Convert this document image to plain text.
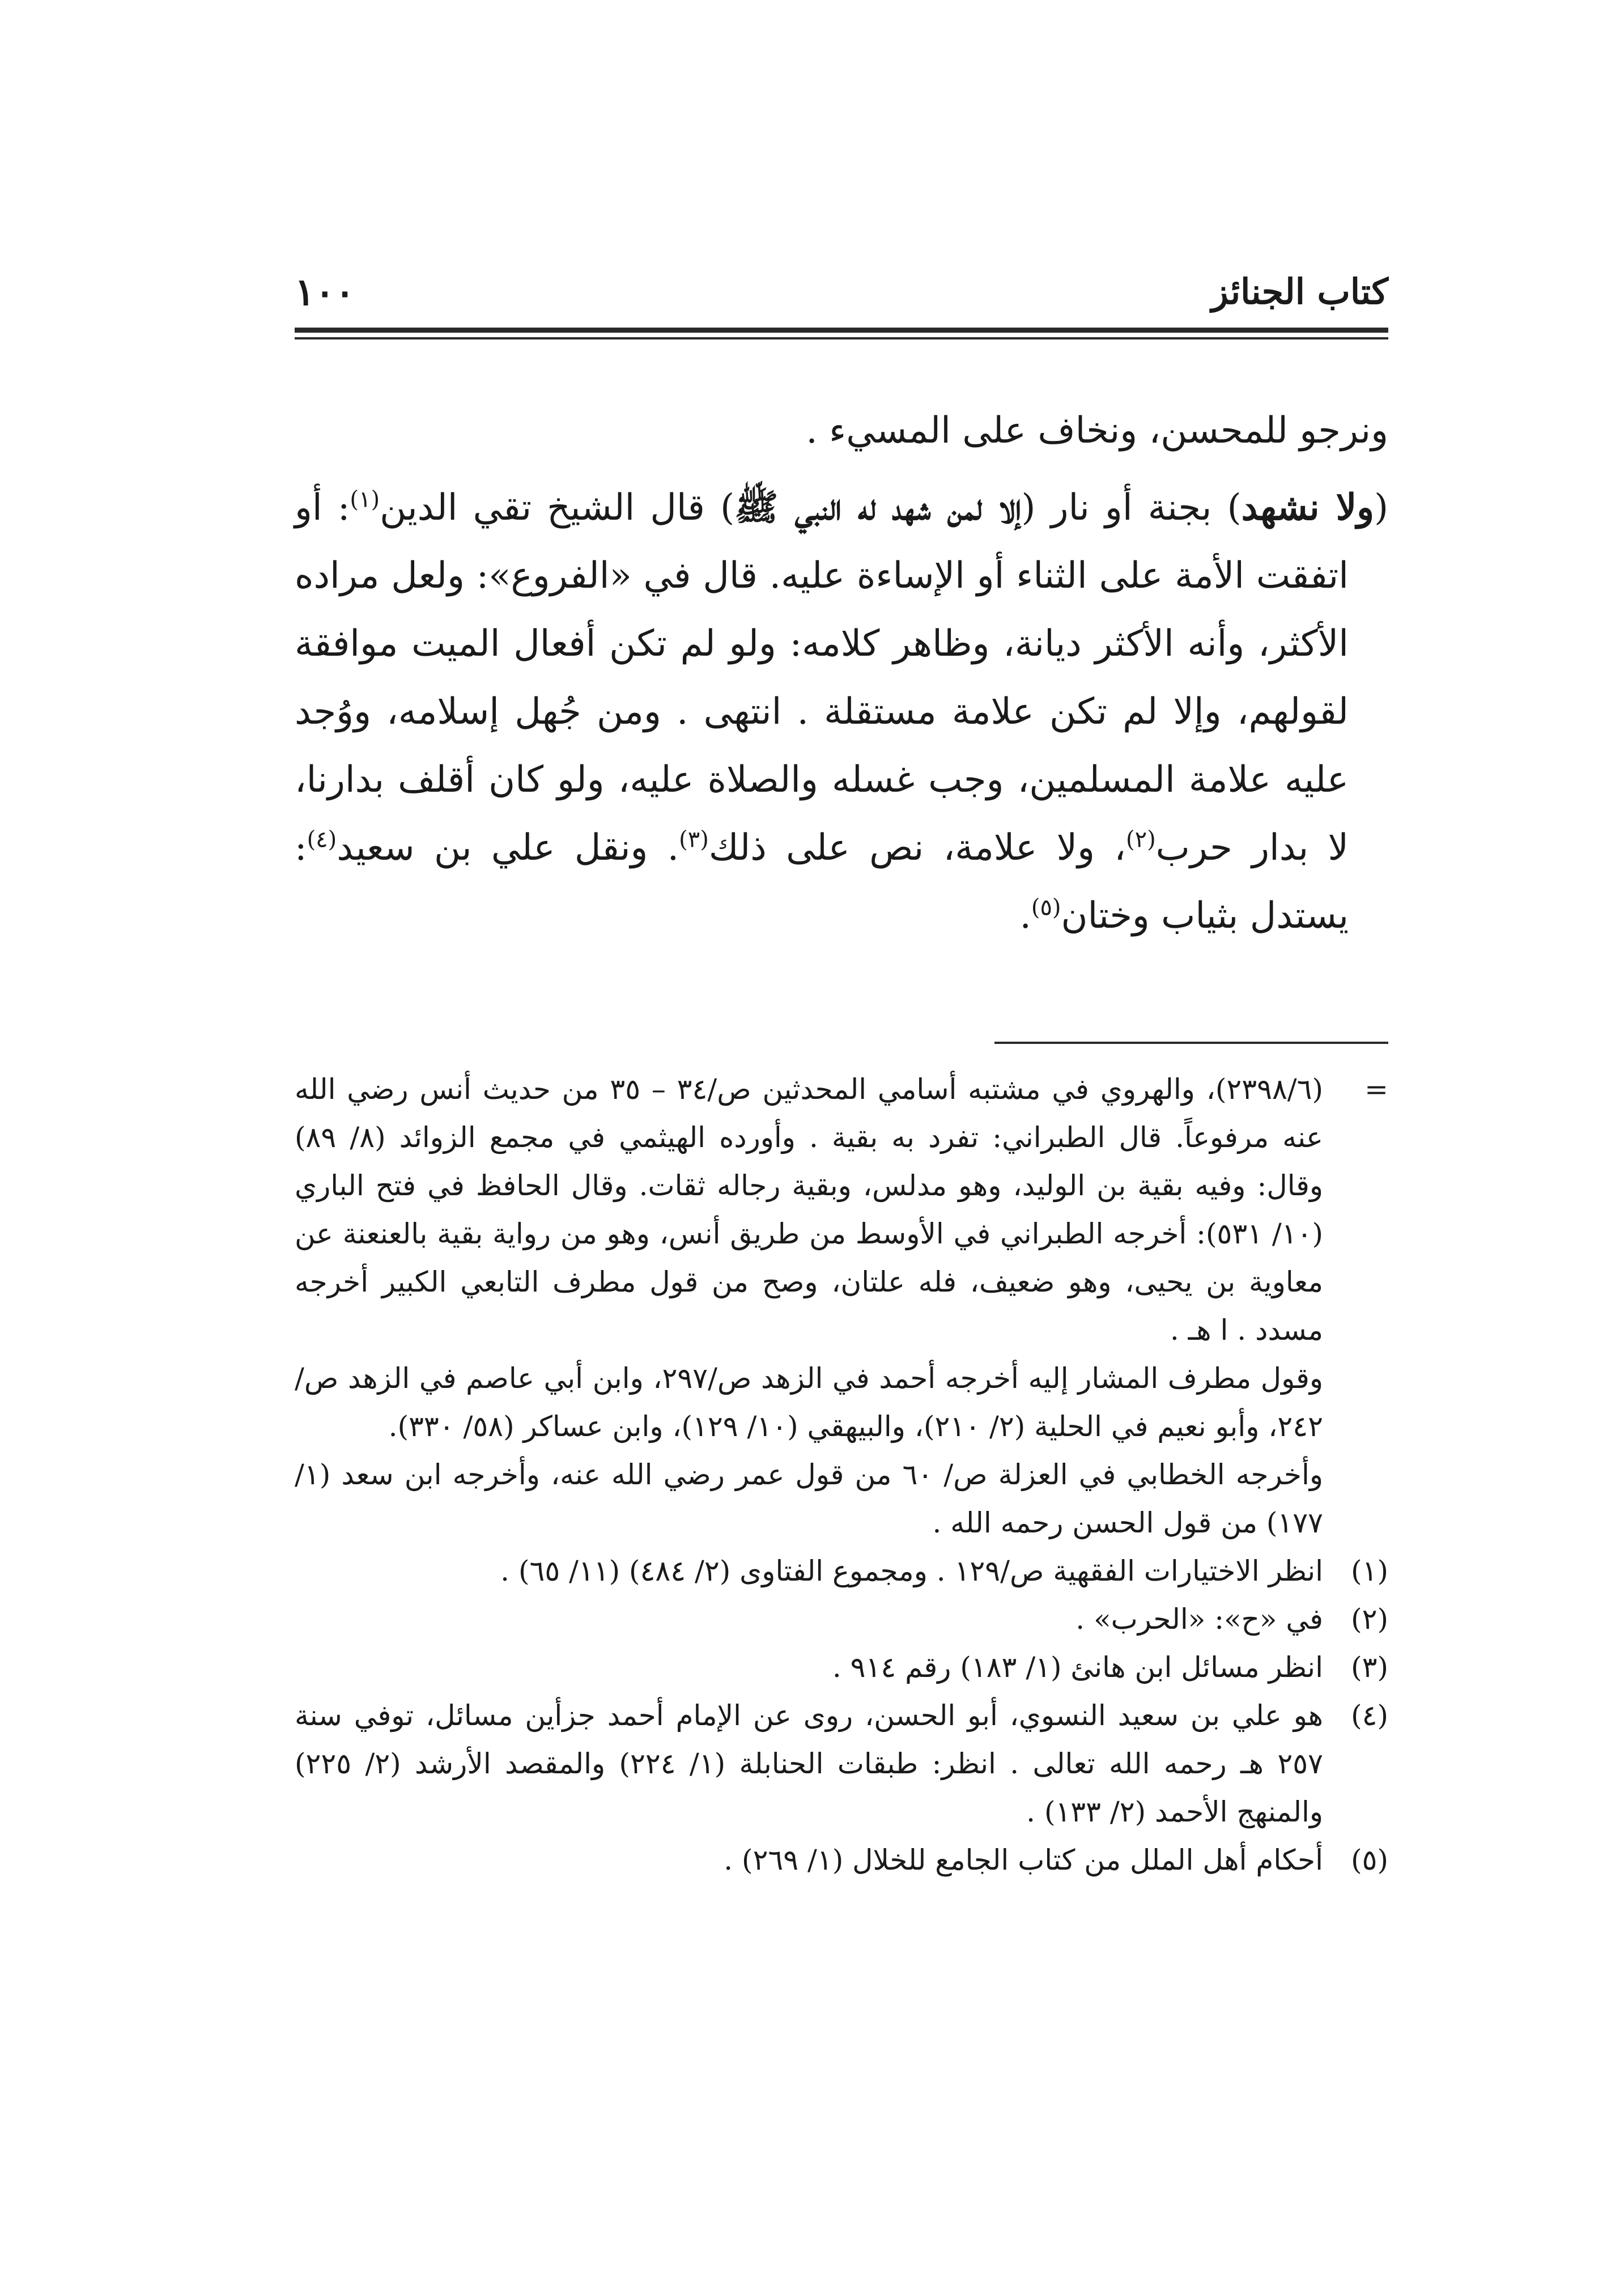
١٠٠	كتاب الجنائز

ونرجو للمحسن، ونخاف على المسيء .

(ولا نشهد) بجنة أو نار (إلا لمن شهد له النبي ﷺ) قال الشيخ تقي الدين$^{(١)}$: أو اتفقت الأمة على الثناء أو الإساءة عليه. قال في «الفروع»: ولعل مراده الأكثر، وأنه الأكثر ديانة، وظاهر كلامه: ولو لم تكن أفعال الميت موافقة لقولهم، وإلا لم تكن علامة مستقلة . انتهى . ومن جُهل إسلامه، ووُجد عليه علامة المسلمين، وجب غسله والصلاة عليه، ولو كان أقلف بدارنا، لا بدار حرب$^{(٢)}$، ولا علامة، نص على ذلك$^{(٣)}$. ونقل علي بن سعيد$^{(٤)}$: يستدل بثياب وختان$^{(٥)}$.

=
(٢٣٩٨/٦)، والهروي في مشتبه أسامي المحدثين ص/٣٤ – ٣٥ من حديث أنس رضي الله عنه مرفوعاً. قال الطبراني: تفرد به بقية . وأورده الهيثمي في مجمع الزوائد (٨/ ٨٩) وقال: وفيه بقية بن الوليد، وهو مدلس، وبقية رجاله ثقات. وقال الحافظ في فتح الباري (١٠/ ٥٣١): أخرجه الطبراني في الأوسط من طريق أنس، وهو من رواية بقية بالعنعنة عن معاوية بن يحيى، وهو ضعيف، فله علتان، وصح من قول مطرف التابعي الكبير أخرجه مسدد . ا هـ .
وقول مطرف المشار إليه أخرجه أحمد في الزهد ص/٢٩٧، وابن أبي عاصم في الزهد ص/٢٤٢، وأبو نعيم في الحلية (٢/ ٢١٠)، والبيهقي (١٠/ ١٢٩)، وابن عساكر (٥٨/ ٣٣٠).
وأخرجه الخطابي في العزلة ص/ ٦٠ من قول عمر رضي الله عنه، وأخرجه ابن سعد (١/ ١٧٧) من قول الحسن رحمه الله .
(١)
انظر الاختيارات الفقهية ص/١٢٩ . ومجموع الفتاوى (٢/ ٤٨٤) (١١/ ٦٥) .
(٢)
في «ح»: «الحرب» .
(٣)
انظر مسائل ابن هانئ (١/ ١٨٣) رقم ٩١٤ .
(٤)
هو علي بن سعيد النسوي، أبو الحسن، روى عن الإمام أحمد جزأين مسائل، توفي سنة ٢٥٧ هـ رحمه الله تعالى . انظر: طبقات الحنابلة (١/ ٢٢٤) والمقصد الأرشد (٢/ ٢٢٥) والمنهج الأحمد (٢/ ١٣٣) .
(٥)
أحكام أهل الملل من كتاب الجامع للخلال (١/ ٢٦٩) .
